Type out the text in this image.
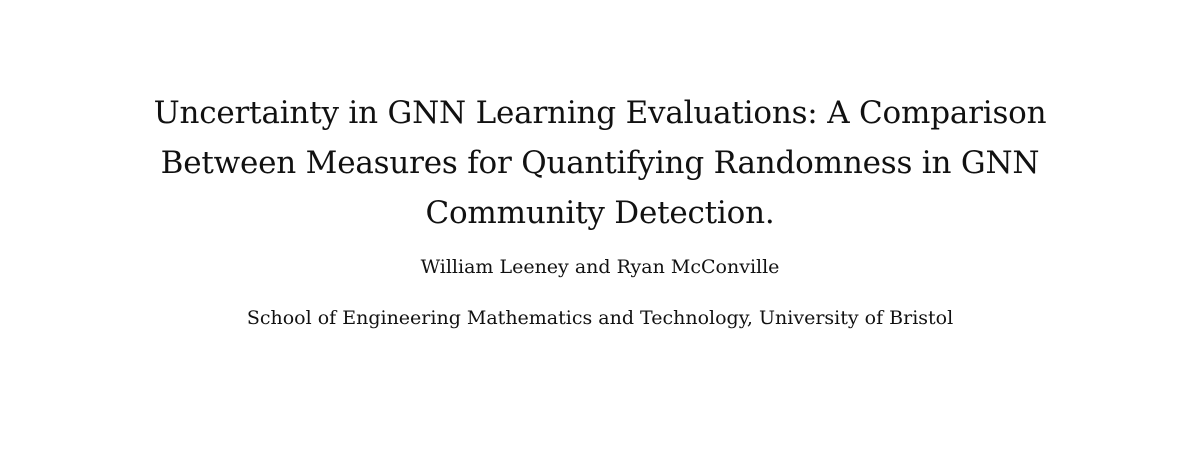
Uncertainty in GNN Learning Evaluations: A Comparison
Between Measures for Quantifying Randomness in GNN
Community Detection.
William Leeney and Ryan McConville
School of Engineering Mathematics and Technology, University of Bristol
